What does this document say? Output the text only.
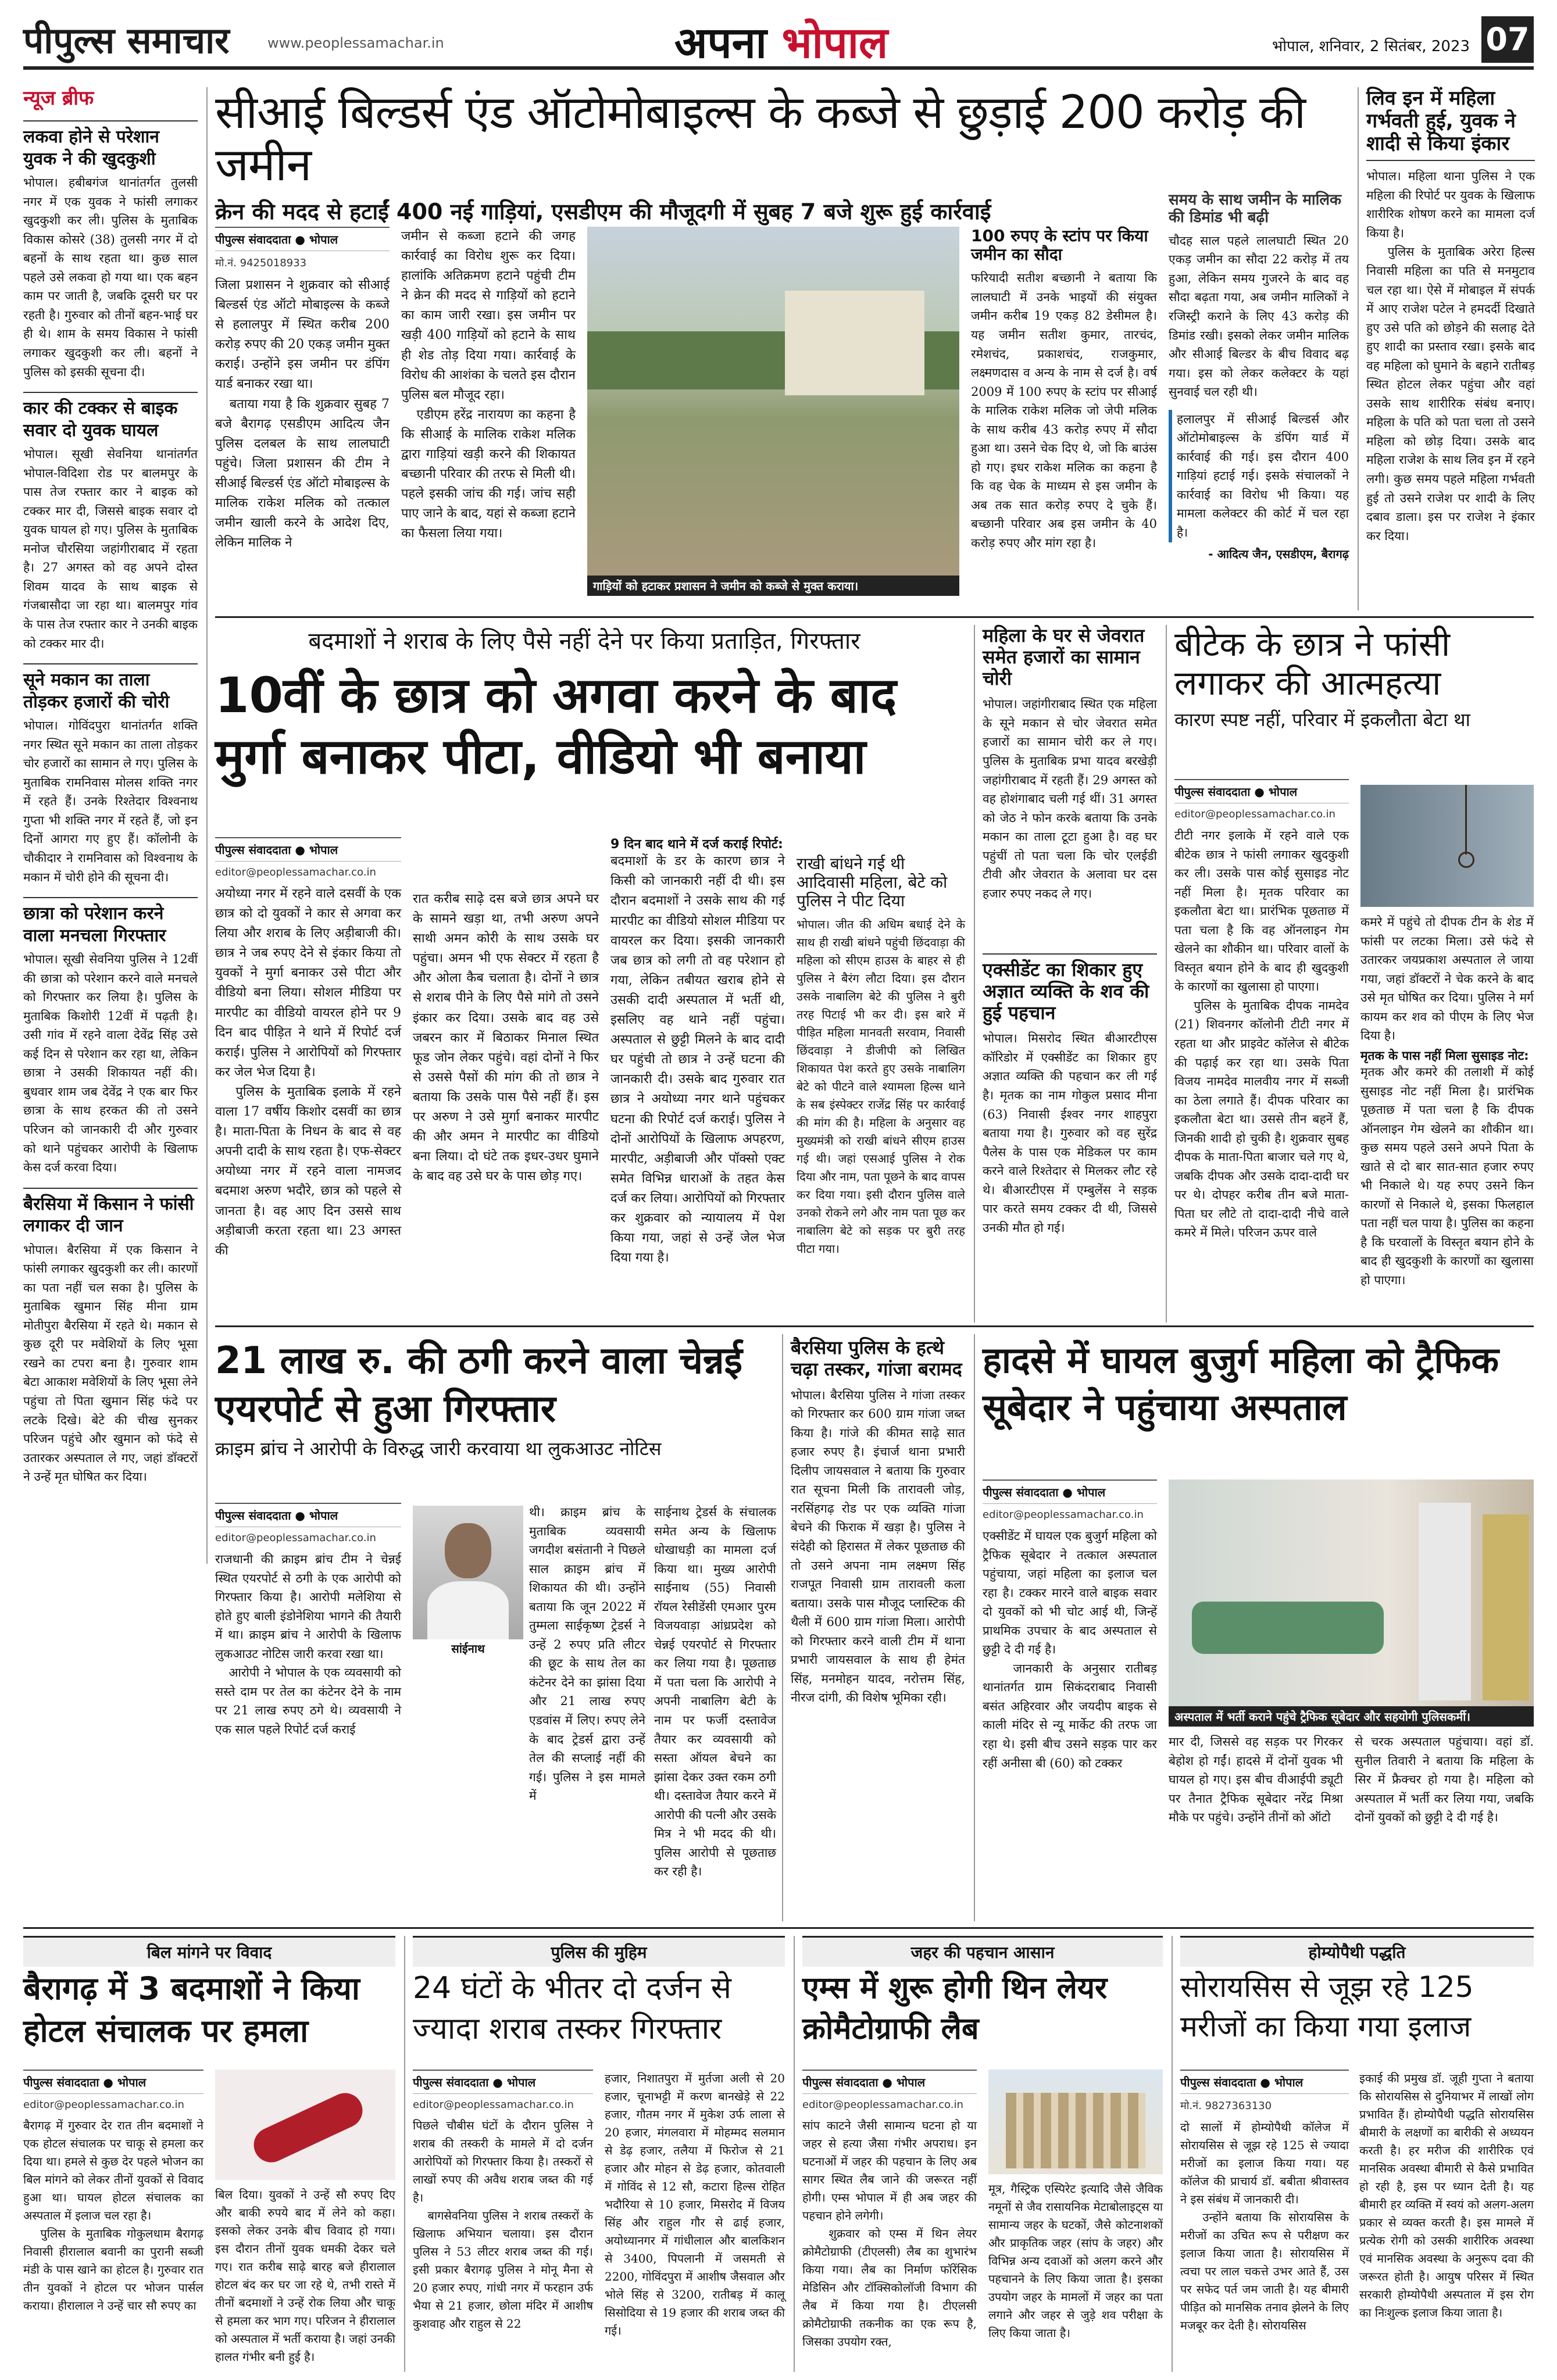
पीपुल्स समाचार	www.peoplessamachar.in	अपना भोपाल	भोपाल, शनिवार, 2 सितंबर, 2023 07
न्यूज ब्रीफ
लकवा होने से परेशान युवक ने की खुदकुशी
भोपाल। हबीबगंज थानांतर्गत तुलसी नगर में एक युवक ने फांसी लगाकर खुदकुशी कर ली। पुलिस के मुताबिक विकास कोसरे (38) तुलसी नगर में दो बहनों के साथ रहता था। कुछ साल पहले उसे लकवा हो गया था। एक बहन काम पर जाती है, जबकि दूसरी घर पर रहती है। गुरुवार को तीनों बहन-भाई घर ही थे। शाम के समय विकास ने फांसी लगाकर खुदकुशी कर ली। बहनों ने पुलिस को इसकी सूचना दी।
कार की टक्कर से बाइक सवार दो युवक घायल
भोपाल। सूखी सेवनिया थानांतर्गत भोपाल-विदिशा रोड पर बालमपुर के पास तेज रफ्तार कार ने बाइक को टक्कर मार दी, जिससे बाइक सवार दो युवक घायल हो गए। पुलिस के मुताबिक मनोज चौरसिया जहांगीराबाद में रहता है। 27 अगस्त को वह अपने दोस्त शिवम यादव के साथ बाइक से गंजबासौदा जा रहा था। बालमपुर गांव के पास तेज रफ्तार कार ने उनकी बाइक को टक्कर मार दी।
सूने मकान का ताला तोड़कर हजारों की चोरी
भोपाल। गोविंदपुरा थानांतर्गत शक्ति नगर स्थित सूने मकान का ताला तोड़कर चोर हजारों का सामान ले गए। पुलिस के मुताबिक रामनिवास मोलस शक्ति नगर में रहते हैं। उनके रिश्तेदार विश्वनाथ गुप्ता भी शक्ति नगर में रहते हैं, जो इन दिनों आगरा गए हुए हैं। कॉलोनी के चौकीदार ने रामनिवास को विश्वनाथ के मकान में चोरी होने की सूचना दी।
छात्रा को परेशान करने वाला मनचला गिरफ्तार
भोपाल। सूखी सेवनिया पुलिस ने 12वीं की छात्रा को परेशान करने वाले मनचले को गिरफ्तार कर लिया है। पुलिस के मुताबिक किशोरी 12वीं में पढ़ती है। उसी गांव में रहने वाला देवेंद्र सिंह उसे कई दिन से परेशान कर रहा था, लेकिन छात्रा ने उसकी शिकायत नहीं की। बुधवार शाम जब देवेंद्र ने एक बार फिर छात्रा के साथ हरकत की तो उसने परिजन को जानकारी दी और गुरुवार को थाने पहुंचकर आरोपी के खिलाफ केस दर्ज करवा दिया।
बैरसिया में किसान ने फांसी लगाकर दी जान
भोपाल। बैरसिया में एक किसान ने फांसी लगाकर खुदकुशी कर ली। कारणों का पता नहीं चल सका है। पुलिस के मुताबिक खुमान सिंह मीना ग्राम मोतीपुरा बैरसिया में रहते थे। मकान से कुछ दूरी पर मवेशियों के लिए भूसा रखने का टपरा बना है। गुरुवार शाम बेटा आकाश मवेशियों के लिए भूसा लेने पहुंचा तो पिता खुमान सिंह फंदे पर लटके दिखे। बेटे की चीख सुनकर परिजन पहुंचे और खुमान को फंदे से उतारकर अस्पताल ले गए, जहां डॉक्टरों ने उन्हें मृत घोषित कर दिया।
सीआई बिल्डर्स एंड ऑटोमोबाइल्स के कब्जे से छुड़ाई 200 करोड़ की जमीन
क्रेन की मदद से हटाईं 400 नई गाड़ियां, एसडीएम की मौजूदगी में सुबह 7 बजे शुरू हुई कार्रवाई
पीपुल्स संवाददाता ● भोपाल
मो.नं. 9425018933
जिला प्रशासन ने शुक्रवार को सीआई बिल्डर्स एंड ऑटो मोबाइल्स के कब्जे से हलालपुर में स्थित करीब 200 करोड़ रुपए की 20 एकड़ जमीन मुक्त कराई। उन्होंने इस जमीन पर डंपिंग यार्ड बनाकर रखा था।
बताया गया है कि शुक्रवार सुबह 7 बजे बैरागढ़ एसडीएम आदित्य जैन पुलिस दलबल के साथ लालघाटी पहुंचे। जिला प्रशासन की टीम ने सीआई बिल्डर्स एंड ऑटो मोबाइल्स के मालिक राकेश मलिक को तत्काल जमीन खाली करने के आदेश दिए, लेकिन मालिक ने
जमीन से कब्जा हटाने की जगह कार्रवाई का विरोध शुरू कर दिया। हालांकि अतिक्रमण हटाने पहुंची टीम ने क्रेन की मदद से गाड़ियों को हटाने का काम जारी रखा। इस जमीन पर खड़ी 400 गाड़ियों को हटाने के साथ ही शेड तोड़ दिया गया। कार्रवाई के विरोध की आशंका के चलते इस दौरान पुलिस बल मौजूद रहा।
एडीएम हरेंद्र नारायण का कहना है कि सीआई के मालिक राकेश मलिक द्वारा गाड़ियां खड़ी करने की शिकायत बच्छानी परिवार की तरफ से मिली थी। पहले इसकी जांच की गई। जांच सही पाए जाने के बाद, यहां से कब्जा हटाने का फैसला लिया गया।
गाड़ियों को हटाकर प्रशासन ने जमीन को कब्जे से मुक्त कराया।
100 रुपए के स्टांप पर किया जमीन का सौदा
फरियादी सतीश बच्छानी ने बताया कि लालघाटी में उनके भाइयों की संयुक्त जमीन करीब 19 एकड़ 82 डेसीमल है। यह जमीन सतीश कुमार, तारचंद, रमेशचंद, प्रकाशचंद, राजकुमार, लक्ष्मणदास व अन्य के नाम से दर्ज है। वर्ष 2009 में 100 रुपए के स्टांप पर सीआई के मालिक राकेश मलिक जो जेपी मलिक के साथ करीब 43 करोड़ रुपए में सौदा हुआ था। उसने चेक दिए थे, जो कि बाउंस हो गए। इधर राकेश मलिक का कहना है कि वह चेक के माध्यम से इस जमीन के अब तक सात करोड़ रुपए दे चुके हैं। बच्छानी परिवार अब इस जमीन के 40 करोड़ रुपए और मांग रहा है।
समय के साथ जमीन के मालिक की डिमांड भी बढ़ी
चौदह साल पहले लालघाटी स्थित 20 एकड़ जमीन का सौदा 22 करोड़ में तय हुआ, लेकिन समय गुजरने के बाद वह सौदा बढ़ता गया, अब जमीन मालिकों ने रजिस्ट्री कराने के लिए 43 करोड़ की डिमांड रखी। इसको लेकर जमीन मालिक और सीआई बिल्डर के बीच विवाद बढ़ गया। इस को लेकर कलेक्टर के यहां सुनवाई चल रही थी।
हलालपुर में सीआई बिल्डर्स और ऑटोमोबाइल्स के डंपिंग यार्ड में कार्रवाई की गई। इस दौरान 400 गाड़ियां हटाई गई। इसके संचालकों ने कार्रवाई का विरोध भी किया। यह मामला कलेक्टर की कोर्ट में चल रहा है।
- आदित्य जैन, एसडीएम, बैरागढ़
लिव इन में महिला गर्भवती हुई, युवक ने शादी से किया इंकार
भोपाल। महिला थाना पुलिस ने एक महिला की रिपोर्ट पर युवक के खिलाफ शारीरिक शोषण करने का मामला दर्ज किया है।
पुलिस के मुताबिक अरेरा हिल्स निवासी महिला का पति से मनमुटाव चल रहा था। ऐसे में मोबाइल में संपर्क में आए राजेश पटेल ने हमदर्दी दिखाते हुए उसे पति को छोड़ने की सलाह देते हुए शादी का प्रस्ताव रखा। इसके बाद वह महिला को घुमाने के बहाने रातीबड़ स्थित होटल लेकर पहुंचा और वहां उसके साथ शारीरिक संबंध बनाए। महिला के पति को पता चला तो उसने महिला को छोड़ दिया। उसके बाद महिला राजेश के साथ लिव इन में रहने लगी। कुछ समय पहले महिला गर्भवती हुई तो उसने राजेश पर शादी के लिए दबाव डाला। इस पर राजेश ने इंकार कर दिया।
बदमाशों ने शराब के लिए पैसे नहीं देने पर किया प्रताड़ित, गिरफ्तार
10वीं के छात्र को अगवा करने के बाद मुर्गा बनाकर पीटा, वीडियो भी बनाया
पीपुल्स संवाददाता ● भोपाल
editor@peoplessamachar.co.in
अयोध्या नगर में रहने वाले दसवीं के एक छात्र को दो युवकों ने कार से अगवा कर लिया और शराब के लिए अड़ीबाजी की। छात्र ने जब रुपए देने से इंकार किया तो युवकों ने मुर्गा बनाकर उसे पीटा और वीडियो बना लिया। सोशल मीडिया पर मारपीट का वीडियो वायरल होने पर 9 दिन बाद पीड़ित ने थाने में रिपोर्ट दर्ज कराई। पुलिस ने आरोपियों को गिरफ्तार कर जेल भेज दिया है।
पुलिस के मुताबिक इलाके में रहने वाला 17 वर्षीय किशोर दसवीं का छात्र है। माता-पिता के निधन के बाद से वह अपनी दादी के साथ रहता है। एफ-सेक्टर अयोध्या नगर में रहने वाला नामजद बदमाश अरुण भदौरे, छात्र को पहले से जानता है। वह आए दिन उससे साथ अड़ीबाजी करता रहता था। 23 अगस्त की
रात करीब साढ़े दस बजे छात्र अपने घर के सामने खड़ा था, तभी अरुण अपने साथी अमन कोरी के साथ उसके घर पहुंचा। अमन भी एफ सेक्टर में रहता है और ओला कैब चलाता है। दोनों ने छात्र से शराब पीने के लिए पैसे मांगे तो उसने इंकार कर दिया। उसके बाद वह उसे जबरन कार में बिठाकर मिनाल स्थित फूड जोन लेकर पहुंचे। वहां दोनों ने फिर से उससे पैसों की मांग की तो छात्र ने बताया कि उसके पास पैसे नहीं हैं। इस पर अरुण ने उसे मुर्गा बनाकर मारपीट की और अमन ने मारपीट का वीडियो बना लिया। दो घंटे तक इधर-उधर घुमाने के बाद वह उसे घर के पास छोड़ गए।
9 दिन बाद थाने में दर्ज कराई रिपोर्ट:
बदमाशों के डर के कारण छात्र ने किसी को जानकारी नहीं दी थी। इस दौरान बदमाशों ने उसके साथ की गई मारपीट का वीडियो सोशल मीडिया पर वायरल कर दिया। इसकी जानकारी जब छात्र को लगी तो वह परेशान हो गया, लेकिन तबीयत खराब होने से उसकी दादी अस्पताल में भर्ती थी, इसलिए वह थाने नहीं पहुंचा। अस्पताल से छुट्टी मिलने के बाद दादी घर पहुंची तो छात्र ने उन्हें घटना की जानकारी दी। उसके बाद गुरुवार रात छात्र ने अयोध्या नगर थाने पहुंचकर घटना की रिपोर्ट दर्ज कराई। पुलिस ने दोनों आरोपियों के खिलाफ अपहरण, मारपीट, अड़ीबाजी और पॉक्सो एक्ट समेत विभिन्न धाराओं के तहत केस दर्ज कर लिया। आरोपियों को गिरफ्तार कर शुक्रवार को न्यायालय में पेश किया गया, जहां से उन्हें जेल भेज दिया गया है।
राखी बांधने गई थी आदिवासी महिला, बेटे को पुलिस ने पीट दिया
भोपाल। जीत की अधिम बधाई देने के साथ ही राखी बांधने पहुंची छिंदवाड़ा की महिला को सीएम हाउस के बाहर से ही पुलिस ने बैरंग लौटा दिया। इस दौरान उसके नाबालिग बेटे की पुलिस ने बुरी तरह पिटाई भी कर दी। इस बारे में पीड़ित महिला मानवती सरवाम, निवासी छिंदवाड़ा ने डीजीपी को लिखित शिकायत पेश करते हुए उसके नाबालिग बेटे को पीटने वाले श्यामला हिल्स थाने के सब इंस्पेक्टर राजेंद्र सिंह पर कार्रवाई की मांग की है। महिला के अनुसार वह मुख्यमंत्री को राखी बांधने सीएम हाउस गई थी। जहां एसआई पुलिस ने रोक दिया और नाम, पता पूछने के बाद वापस कर दिया गया। इसी दौरान पुलिस वाले उनको रोकने लगे और नाम पता पूछ कर नाबालिग बेटे को सड़क पर बुरी तरह पीटा गया।
महिला के घर से जेवरात समेत हजारों का सामान चोरी
भोपाल। जहांगीराबाद स्थित एक महिला के सूने मकान से चोर जेवरात समेत हजारों का सामान चोरी कर ले गए। पुलिस के मुताबिक प्रभा यादव बरखेड़ी जहांगीराबाद में रहती हैं। 29 अगस्त को वह होशंगाबाद चली गई थीं। 31 अगस्त को जेठ ने फोन करके बताया कि उनके मकान का ताला टूटा हुआ है। वह घर पहुंचीं तो पता चला कि चोर एलईडी टीवी और जेवरात के अलावा घर दस हजार रुपए नकद ले गए।
एक्सीडेंट का शिकार हुए अज्ञात व्यक्ति के शव की हुई पहचान
भोपाल। मिसरोद स्थित बीआरटीएस कॉरिडोर में एक्सीडेंट का शिकार हुए अज्ञात व्यक्ति की पहचान कर ली गई है। मृतक का नाम गोकुल प्रसाद मीना (63) निवासी ईश्वर नगर शाहपुरा बताया गया है। गुरुवार को वह सुरेंद्र पैलेस के पास एक मेडिकल पर काम करने वाले रिश्तेदार से मिलकर लौट रहे थे। बीआरटीएस में एम्बुलेंस ने सड़क पार करते समय टक्कर दी थी, जिससे उनकी मौत हो गई।
बीटेक के छात्र ने फांसी लगाकर की आत्महत्या
कारण स्पष्ट नहीं, परिवार में इकलौता बेटा था
पीपुल्स संवाददाता ● भोपाल
editor@peoplessamachar.co.in
टीटी नगर इलाके में रहने वाले एक बीटेक छात्र ने फांसी लगाकर खुदकुशी कर ली। उसके पास कोई सुसाइड नोट नहीं मिला है। मृतक परिवार का इकलौता बेटा था। प्रारंभिक पूछताछ में पता चला है कि वह ऑनलाइन गेम खेलने का शौकीन था। परिवार वालों के विस्तृत बयान होने के बाद ही खुदकुशी के कारणों का खुलासा हो पाएगा।
पुलिस के मुताबिक दीपक नामदेव (21) शिवनगर कॉलोनी टीटी नगर में रहता था और प्राइवेट कॉलेज से बीटेक की पढ़ाई कर रहा था। उसके पिता विजय नामदेव मालवीय नगर में सब्जी का ठेला लगाते हैं। दीपक परिवार का इकलौता बेटा था। उससे तीन बहनें हैं, जिनकी शादी हो चुकी है। शुक्रवार सुबह दीपक के माता-पिता बाजार चले गए थे, जबकि दीपक और उसके दादा-दादी घर पर थे। दोपहर करीब तीन बजे माता-पिता घर लौटे तो दादा-दादी नीचे वाले कमरे में मिले। परिजन ऊपर वाले
कमरे में पहुंचे तो दीपक टीन के शेड में फांसी पर लटका मिला। उसे फंदे से उतारकर जयप्रकाश अस्पताल ले जाया गया, जहां डॉक्टरों ने चेक करने के बाद उसे मृत घोषित कर दिया। पुलिस ने मर्ग कायम कर शव को पीएम के लिए भेज दिया है।
मृतक के पास नहीं मिला सुसाइड नोट:
मृतक और कमरे की तलाशी में कोई सुसाइड नोट नहीं मिला है। प्रारंभिक पूछताछ में पता चला है कि दीपक ऑनलाइन गेम खेलने का शौकीन था। कुछ समय पहले उसने अपने पिता के खाते से दो बार सात-सात हजार रुपए भी निकाले थे। यह रुपए उसने किन कारणों से निकाले थे, इसका फिलहाल पता नहीं चल पाया है। पुलिस का कहना है कि घरवालों के विस्तृत बयान होने के बाद ही खुदकुशी के कारणों का खुलासा हो पाएगा।
21 लाख रु. की ठगी करने वाला चेन्नई एयरपोर्ट से हुआ गिरफ्तार
क्राइम ब्रांच ने आरोपी के विरुद्ध जारी करवाया था लुकआउट नोटिस
पीपुल्स संवाददाता ● भोपाल
editor@peoplessamachar.co.in
राजधानी की क्राइम ब्रांच टीम ने चेन्नई स्थित एयरपोर्ट से ठगी के एक आरोपी को गिरफ्तार किया है। आरोपी मलेशिया से होते हुए बाली इंडोनेशिया भागने की तैयारी में था। क्राइम ब्रांच ने आरोपी के खिलाफ लुकआउट नोटिस जारी करवा रखा था।
आरोपी ने भोपाल के एक व्यवसायी को सस्ते दाम पर तेल का कंटेनर देने के नाम पर 21 लाख रुपए ठगे थे। व्यवसायी ने एक साल पहले रिपोर्ट दर्ज कराई
सांईनाथ
थी। क्राइम ब्रांच के मुताबिक व्यवसायी जगदीश बसंतानी ने पिछले साल क्राइम ब्रांच में शिकायत की थी। उन्होंने बताया कि जून 2022 में तुम्मला साईकृष्ण ट्रेडर्स ने उन्हें 2 रुपए प्रति लीटर की छूट के साथ तेल का कंटेनर देने का झांसा दिया और 21 लाख रुपए एडवांस में लिए। रुपए लेने के बाद ट्रेडर्स द्वारा उन्हें तेल की सप्लाई नहीं की गई। पुलिस ने इस मामले में
साईनाथ ट्रेडर्स के संचालक समेत अन्य के खिलाफ धोखाधड़ी का मामला दर्ज किया था। मुख्य आरोपी साईनाथ (55) निवासी रॉयल रेसीडेंसी एमआर पुरम विजयवाड़ा आंध्रप्रदेश को चेन्नई एयरपोर्ट से गिरफ्तार कर लिया गया है। पूछताछ में पता चला कि आरोपी ने अपनी नाबालिग बेटी के नाम पर फर्जी दस्तावेज तैयार कर व्यवसायी को सस्ता ऑयल बेचने का झांसा देकर उक्त रकम ठगी थी। दस्तावेज तैयार करने में आरोपी की पत्नी और उसके मित्र ने भी मदद की थी। पुलिस आरोपी से पूछताछ कर रही है।
बैरसिया पुलिस के हत्थे चढ़ा तस्कर, गांजा बरामद
भोपाल। बैरसिया पुलिस ने गांजा तस्कर को गिरफ्तार कर 600 ग्राम गांजा जब्त किया है। गांजे की कीमत साढ़े सात हजार रुपए है। इंचार्ज थाना प्रभारी दिलीप जायसवाल ने बताया कि गुरुवार रात सूचना मिली कि तारावली जोड़, नरसिंहगढ़ रोड पर एक व्यक्ति गांजा बेचने की फिराक में खड़ा है। पुलिस ने संदेही को हिरासत में लेकर पूछताछ की तो उसने अपना नाम लक्ष्मण सिंह राजपूत निवासी ग्राम तारावली कला बताया। उसके पास मौजूद प्लास्टिक की थैली में 600 ग्राम गांजा मिला। आरोपी को गिरफ्तार करने वाली टीम में थाना प्रभारी जायसवाल के साथ ही हेमंत सिंह, मनमोहन यादव, नरोत्तम सिंह, नीरज दांगी, की विशेष भूमिका रही।
हादसे में घायल बुजुर्ग महिला को ट्रैफिक सूबेदार ने पहुंचाया अस्पताल
पीपुल्स संवाददाता ● भोपाल
editor@peoplessamachar.co.in
एक्सीडेंट में घायल एक बुजुर्ग महिला को ट्रैफिक सूबेदार ने तत्काल अस्पताल पहुंचाया, जहां महिला का इलाज चल रहा है। टक्कर मारने वाले बाइक सवार दो युवकों को भी चोट आई थी, जिन्हें प्राथमिक उपचार के बाद अस्पताल से छुट्टी दे दी गई है।
जानकारी के अनुसार रातीबड़ थानांतर्गत ग्राम सिकंदराबाद निवासी बसंत अहिरवार और जयदीप बाइक से काली मंदिर से न्यू मार्केट की तरफ जा रहा थे। इसी बीच उसने सड़क पार कर रहीं अनीसा बी (60) को टक्कर
अस्पताल में भर्ती कराने पहुंचे ट्रैफिक सूबेदार और सहयोगी पुलिसकर्मी।
मार दी, जिससे वह सड़क पर गिरकर बेहोश हो गईं। हादसे में दोनों युवक भी घायल हो गए। इस बीच वीआईपी ड्यूटी पर तैनात ट्रैफिक सूबेदार नरेंद्र मिश्रा मौके पर पहुंचे। उन्होंने तीनों को ऑटो
से चरक अस्पताल पहुंचाया। वहां डॉ. सुनील तिवारी ने बताया कि महिला के सिर में फ्रैक्चर हो गया है। महिला को अस्पताल में भर्ती कर लिया गया, जबकि दोनों युवकों को छुट्टी दे दी गई है।
बिल मांगने पर विवाद
बैरागढ़ में 3 बदमाशों ने किया होटल संचालक पर हमला
पीपुल्स संवाददाता ● भोपाल
editor@peoplessamachar.co.in
बैरागढ़ में गुरुवार देर रात तीन बदमाशों ने एक होटल संचालक पर चाकू से हमला कर दिया था। हमले से कुछ देर पहले भोजन का बिल मांगने को लेकर तीनों युवकों से विवाद हुआ था। घायल होटल संचालक का अस्पताल में इलाज चल रहा है।
पुलिस के मुताबिक गोकुलधाम बैरागढ़ निवासी हीरालाल बवानी का पुरानी सब्जी मंडी के पास खाने का होटल है। गुरुवार रात तीन युवकों ने होटल पर भोजन पार्सल कराया। हीरालाल ने उन्हें चार सौ रुपए का
बिल दिया। युवकों ने उन्हें सौ रुपए दिए और बाकी रुपये बाद में लेने को कहा। इसको लेकर उनके बीच विवाद हो गया। इस दौरान तीनों युवक धमकी देकर चले गए। रात करीब साढ़े बारह बजे हीरालाल होटल बंद कर घर जा रहे थे, तभी रास्ते में तीनों बदमाशों ने उन्हें रोक लिया और चाकू से हमला कर भाग गए। परिजन ने हीरालाल को अस्पताल में भर्ती कराया है। जहां उनकी हालत गंभीर बनी हुई है।
पुलिस की मुहिम
24 घंटों के भीतर दो दर्जन से ज्यादा शराब तस्कर गिरफ्तार
पीपुल्स संवाददाता ● भोपाल
editor@peoplessamachar.co.in
पिछले चौबीस घंटों के दौरान पुलिस ने शराब की तस्करी के मामले में दो दर्जन आरोपियों को गिरफ्तार किया है। तस्करों से लाखों रुपए की अवैध शराब जब्त की गई है।
बागसेवनिया पुलिस ने शराब तस्करों के खिलाफ अभियान चलाया। इस दौरान पुलिस ने 53 लीटर शराब जब्त की गई। इसी प्रकार बैरागढ़ पुलिस ने मोनू मैना से 20 हजार रुपए, गांधी नगर में फरहान उर्फ भैया से 21 हजार, छोला मंदिर में आशीष कुशवाह और राहुल से 22
हजार, निशातपुरा में मुर्तजा अली से 20 हजार, चूनाभट्टी में करण बानखेड़े से 22 हजार, गौतम नगर में मुकेश उर्फ लाला से 20 हजार, मंगलवारा में मोहम्मद सलमान से डेढ़ हजार, तलैया में फिरोज से 21 हजार और मोहन से डेढ़ हजार, कोतवाली में गोविंद से 12 सौ, कटारा हिल्स रोहित भदौरिया से 10 हजार, मिसरोद में विजय सिंह और राहुल गौर से ढाई हजार, अयोध्यानगर में गांधीलाल और बालकिशन से 3400, पिपलानी में जसमती से 2200, गोविंदपुरा में आशीष जैसवाल और भोले सिंह से 3200, रातीबड़ में कालू सिसोदिया से 19 हजार की शराब जब्त की गई।
जहर की पहचान आसान
एम्स में शुरू होगी थिन लेयर क्रोमैटोग्राफी लैब
पीपुल्स संवाददाता ● भोपाल
editor@peoplessamachar.co.in
सांप काटने जैसी सामान्य घटना हो या जहर से हत्या जैसा गंभीर अपराध। इन घटनाओं में जहर की पहचान के लिए अब सागर स्थित लैब जाने की जरूरत नहीं होगी। एम्स भोपाल में ही अब जहर की पहचान होने लगेगी।
शुक्रवार को एम्स में थिन लेयर क्रोमैटोग्राफी (टीएलसी) लैब का शुभारंभ किया गया। लैब का निर्माण फॉरेंसिक मेडिसिन और टॉक्सिकोलॉजी विभाग की लैब में किया गया है। टीएलसी क्रोमैटोग्राफी तकनीक का एक रूप है, जिसका उपयोग रक्त,
मूत्र, गैस्ट्रिक एस्पिरेट इत्यादि जैसे जैविक नमूनों से जैव रासायनिक मेटाबोलाइट्स या सामान्य जहर के घटकों, जैसे कोटनाशकों और प्राकृतिक जहर (सांप के जहर) और विभिन्न अन्य दवाओं को अलग करने और पहचानने के लिए किया जाता है। इसका उपयोग जहर के मामलों में जहर का पता लगाने और जहर से जुड़े शव परीक्षा के लिए किया जाता है।
होम्योपैथी पद्धति
सोरायसिस से जूझ रहे 125 मरीजों का किया गया इलाज
पीपुल्स संवाददाता ● भोपाल
मो.नं. 9827363130
दो सालों में होम्योपैथी कॉलेज में सोरायसिस से जूझ रहे 125 से ज्यादा मरीजों का इलाज किया गया। यह कॉलेज की प्राचार्य डॉ. बबीता श्रीवास्तव ने इस संबंध में जानकारी दी।
उन्होंने बताया कि सोरायसिस के मरीजों का उचित रूप से परीक्षण कर इलाज किया जाता है। सोरायसिस में त्वचा पर लाल चकत्ते उभर आते हैं, उस पर सफेद पर्त जम जाती है। यह बीमारी पीड़ित को मानसिक तनाव झेलने के लिए मजबूर कर देती है। सोरायसिस
इकाई की प्रमुख डॉ. जूही गुप्ता ने बताया कि सोरायसिस से दुनियाभर में लाखों लोग प्रभावित हैं। होम्योपैथी पद्धति सोरायसिस बीमारी के लक्षणों का बारीकी से अध्ययन करती है। हर मरीज की शारीरिक एवं मानसिक अवस्था बीमारी से कैसे प्रभावित हो रही है, इस पर ध्यान देती है। यह बीमारी हर व्यक्ति में स्वयं को अलग-अलग प्रकार से व्यक्त करती है। इस मामले में प्रत्येक रोगी को उसकी शारीरिक अवस्था एवं मानसिक अवस्था के अनुरूप दवा की जरूरत होती है। आयुष परिसर में स्थित सरकारी होम्योपैथी अस्पताल में इस रोग का निःशुल्क इलाज किया जाता है।
